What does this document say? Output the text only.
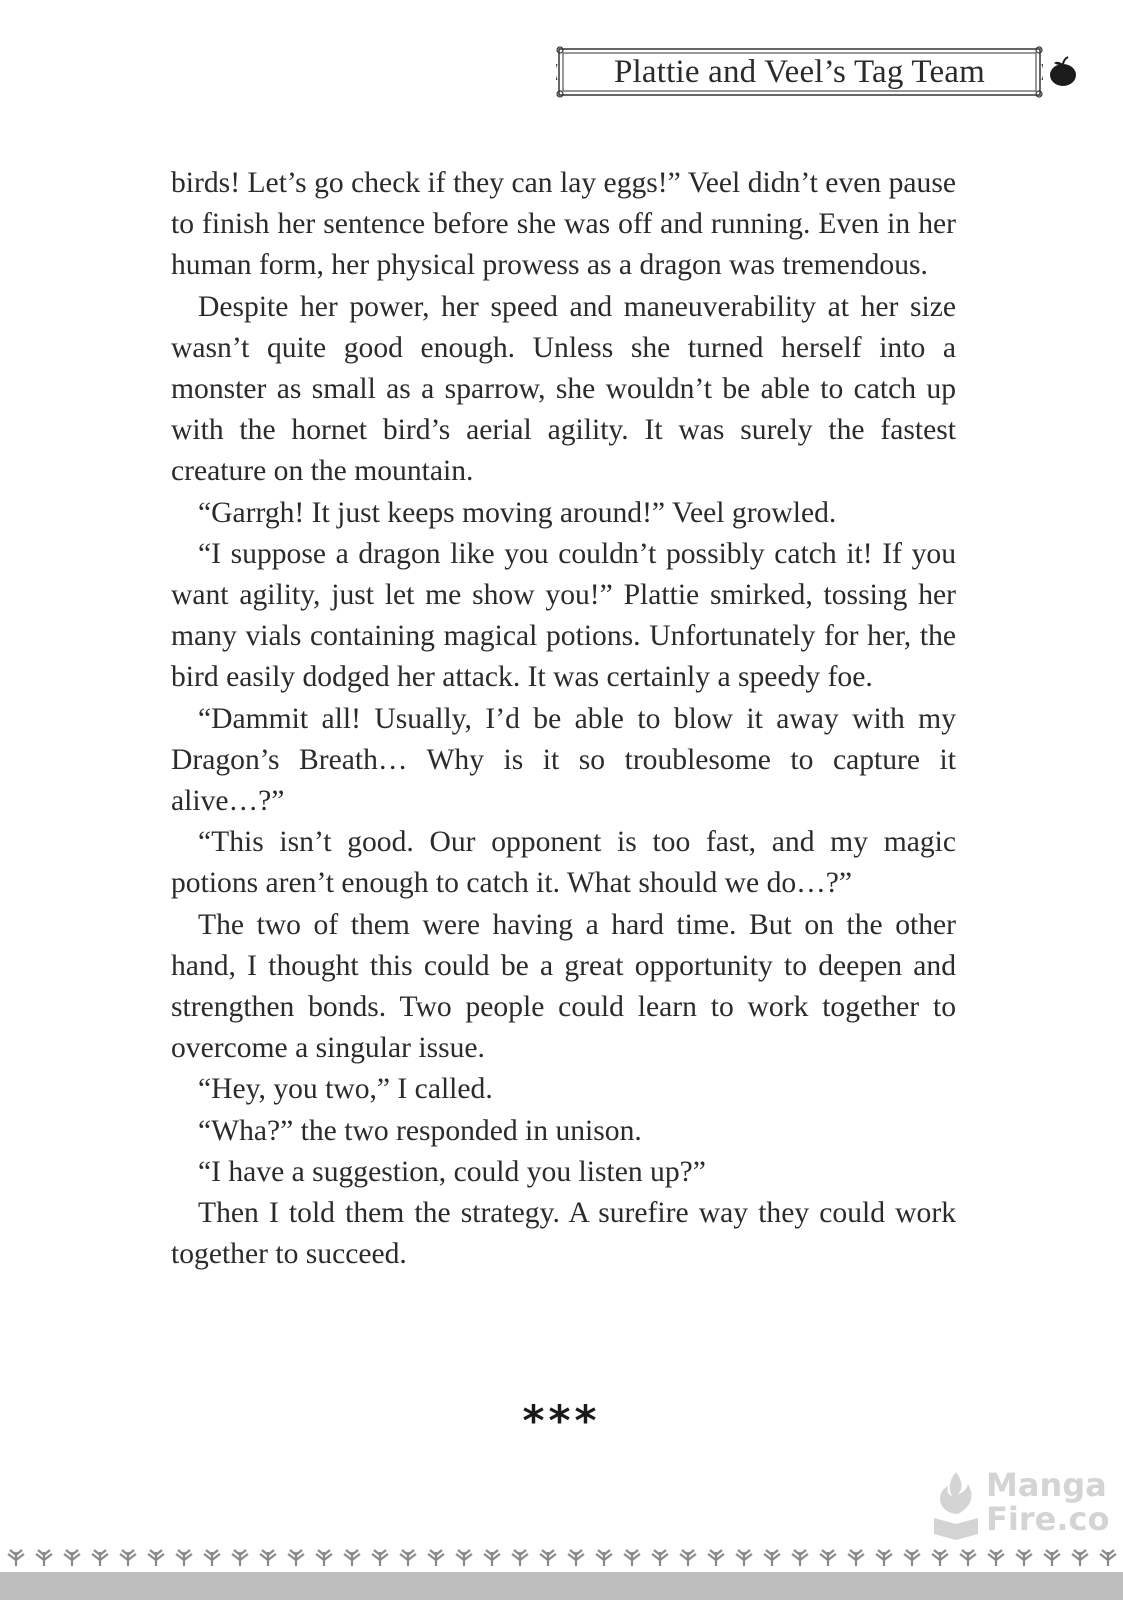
Plattie and Veel’s Tag Team

birds! Let’s go check if they can lay eggs!” Veel didn’t even pause to finish her sentence before she was off and running. Even in her human form, her physical prowess as a dragon was tremendous.

Despite her power, her speed and maneuverability at her size wasn’t quite good enough. Unless she turned herself into a monster as small as a sparrow, she wouldn’t be able to catch up with the hornet bird’s aerial agility. It was surely the fastest creature on the mountain.

“Garrgh! It just keeps moving around!” Veel growled.

“I suppose a dragon like you couldn’t possibly catch it! If you want agility, just let me show you!” Plattie smirked, tossing her many vials containing magical potions. Unfortunately for her, the bird easily dodged her attack. It was certainly a speedy foe.

“Dammit all! Usually, I’d be able to blow it away with my Dragon’s Breath… Why is it so troublesome to capture it alive…?”

“This isn’t good. Our opponent is too fast, and my magic potions aren’t enough to catch it. What should we do…?”

The two of them were having a hard time. But on the other hand, I thought this could be a great opportunity to deepen and strengthen bonds. Two people could learn to work together to overcome a singular issue.

“Hey, you two,” I called.

“Wha?” the two responded in unison.

“I have a suggestion, could you listen up?”

Then I told them the strategy. A surefire way they could work together to succeed.

***
Manga
Fire.co
